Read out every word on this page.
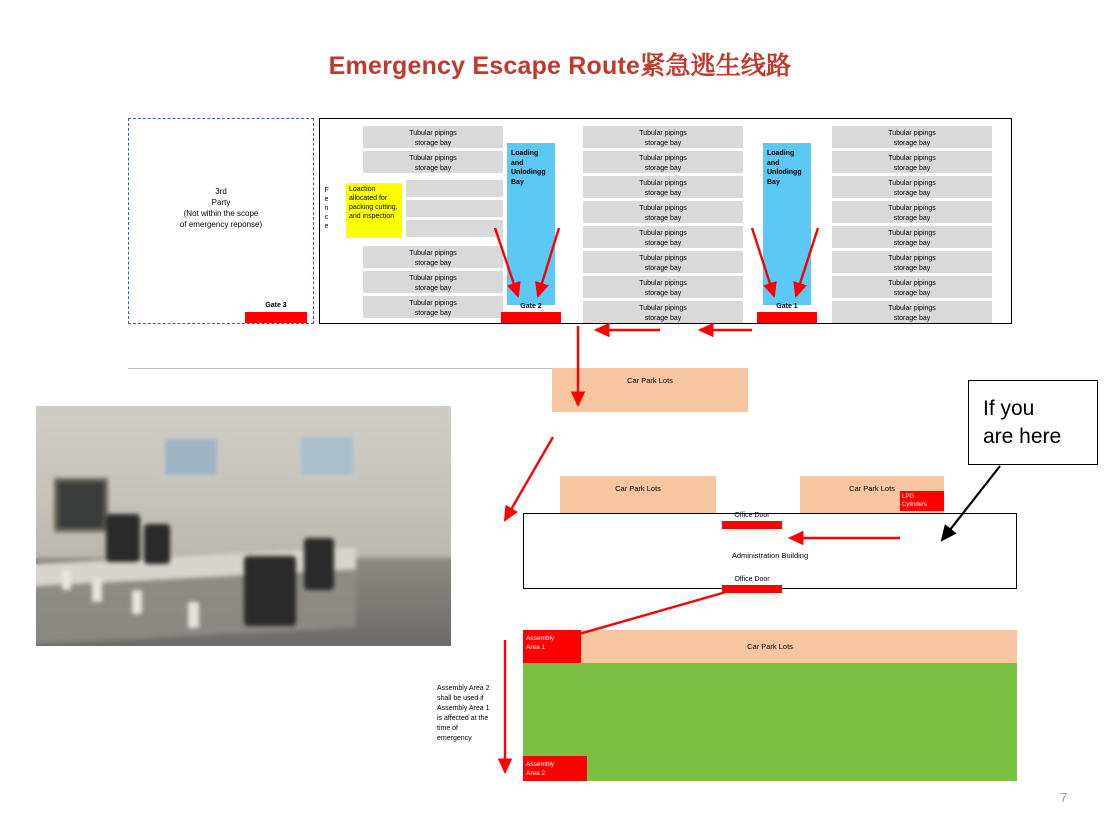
Emergency Escape Route紧急逃生线路
3rd
Party
(Not within the scope
of emergency reponse)
Gate 3
F
e
n
c
e
Loaction allocated for packing cutting, and inspection
Tubular pipings
storage bay
Tubular pipings
storage bay
Tubular pipings
storage bay
Tubular pipings
storage bay
Tubular pipings
storage bay
Loading
and
Unlodingg
Bay
Gate 2
Tubular pipings
storage bay
Tubular pipings
storage bay
Tubular pipings
storage bay
Tubular pipings
storage bay
Tubular pipings
storage bay
Tubular pipings
storage bay
Tubular pipings
storage bay
Tubular pipings
storage bay
Loading
and
Unlodingg
Bay
Gate 1
Tubular pipings
storage bay
Tubular pipings
storage bay
Tubular pipings
storage bay
Tubular pipings
storage bay
Tubular pipings
storage bay
Tubular pipings
storage bay
Tubular pipings
storage bay
Tubular pipings
storage bay
Car Park Lots
Car Park Lots	Car Park Lots
LPG
Cylinders
Administration Building
Office Door
Office Door
Car Park Lots
Assembly
Area 1
Assembly
Area 2
Assembly Area 2
shall be used if
Assembly Area 1
is affected at the
time of
emergency
If you
are here
7
